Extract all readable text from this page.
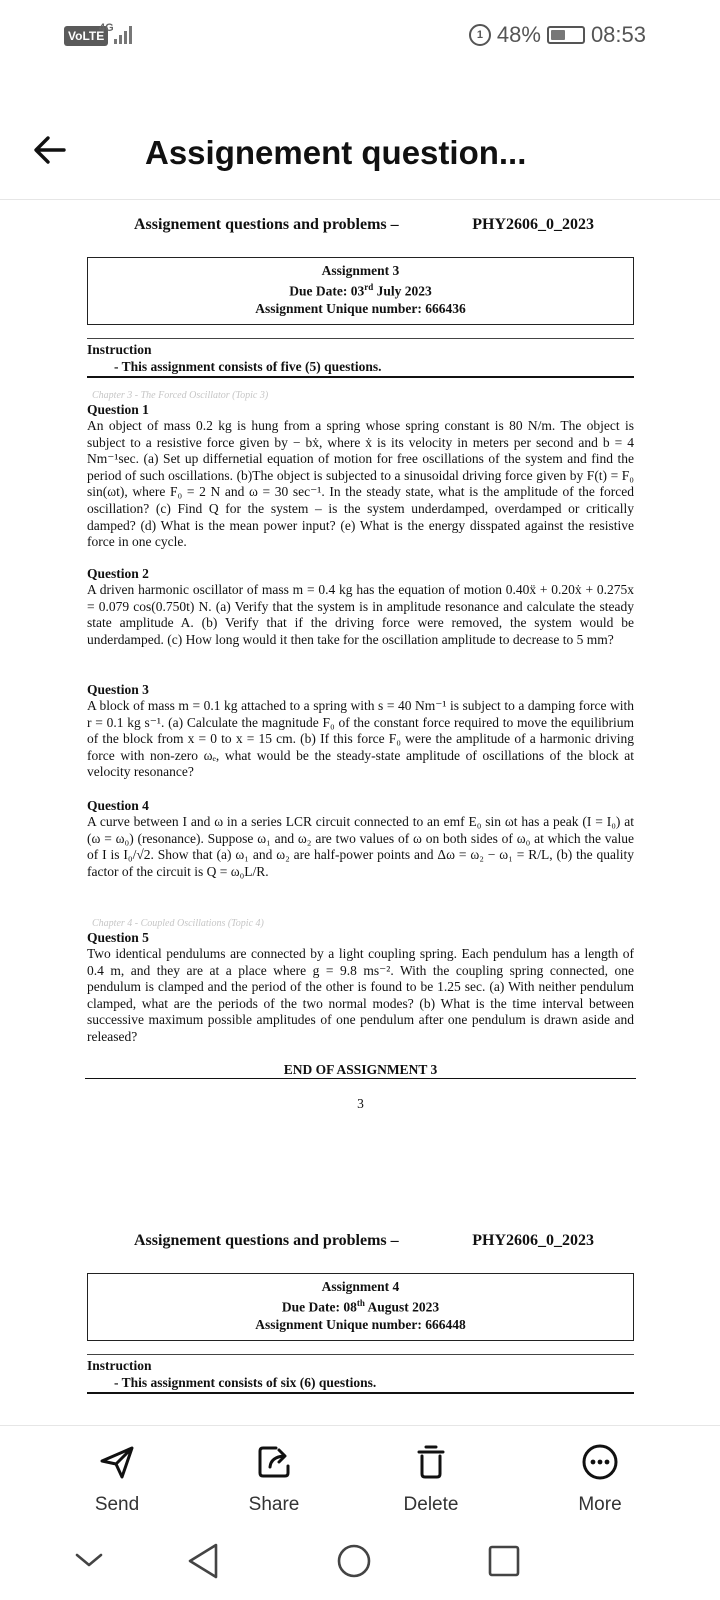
VoLTE
4G
1 48% 08:53
Assignement question...
Assignement questions and problems –	PHY2606_0_2023
Assignment 3
Due Date: 03rd July 2023
Assignment Unique number: 666436
Instruction
- This assignment consists of five (5) questions.
Chapter 3 - The Forced Oscillator (Topic 3)
Question 1
An object of mass 0.2 kg is hung from a spring whose spring constant is 80 N/m. The object is subject to a resistive force given by − bẋ, where ẋ is its velocity in meters per second and b = 4 Nm⁻¹sec. (a) Set up differnetial equation of motion for free oscillations of the system and find the period of such oscillations. (b)The object is subjected to a sinusoidal driving force given by F(t) = F₀ sin(ωt), where F₀ = 2 N and ω = 30 sec⁻¹. In the steady state, what is the amplitude of the forced oscillation? (c) Find Q for the system – is the system underdamped, overdamped or critically damped? (d) What is the mean power input? (e) What is the energy disspated against the resistive force in one cycle.
Question 2
A driven harmonic oscillator of mass m = 0.4 kg has the equation of motion 0.40ẍ + 0.20ẋ + 0.275x = 0.079 cos(0.750t) N. (a) Verify that the system is in amplitude resonance and calculate the steady state amplitude A. (b) Verify that if the driving force were removed, the system would be underdamped. (c) How long would it then take for the oscillation amplitude to decrease to 5 mm?
Question 3
A block of mass m = 0.1 kg attached to a spring with s = 40 Nm⁻¹ is subject to a damping force with r = 0.1 kg s⁻¹. (a) Calculate the magnitude F₀ of the constant force required to move the equilibrium of the block from x = 0 to x = 15 cm. (b) If this force F₀ were the amplitude of a harmonic driving force with non-zero ωₑ, what would be the steady-state amplitude of oscillations of the block at velocity resonance?
Question 4
A curve between I and ω in a series LCR circuit connected to an emf E₀ sin ωt has a peak (I = I₀) at (ω = ω₀) (resonance). Suppose ω₁ and ω₂ are two values of ω on both sides of ω₀ at which the value of I is I₀/√2. Show that (a) ω₁ and ω₂ are half-power points and Δω = ω₂ − ω₁ = R/L, (b) the quality factor of the circuit is Q = ω₀L/R.
Chapter 4 - Coupled Oscillations (Topic 4)
Question 5
Two identical pendulums are connected by a light coupling spring. Each pendulum has a length of 0.4 m, and they are at a place where g = 9.8 ms⁻². With the coupling spring connected, one pendulum is clamped and the period of the other is found to be 1.25 sec. (a) With neither pendulum clamped, what are the periods of the two normal modes? (b) What is the time interval between successive maximum possible amplitudes of one pendulum after one pendulum is drawn aside and released?
END OF ASSIGNMENT 3
3
Assignement questions and problems –	PHY2606_0_2023
Assignment 4
Due Date: 08th August 2023
Assignment Unique number: 666448
Instruction
- This assignment consists of six (6) questions.
Send	Share	Delete	More
